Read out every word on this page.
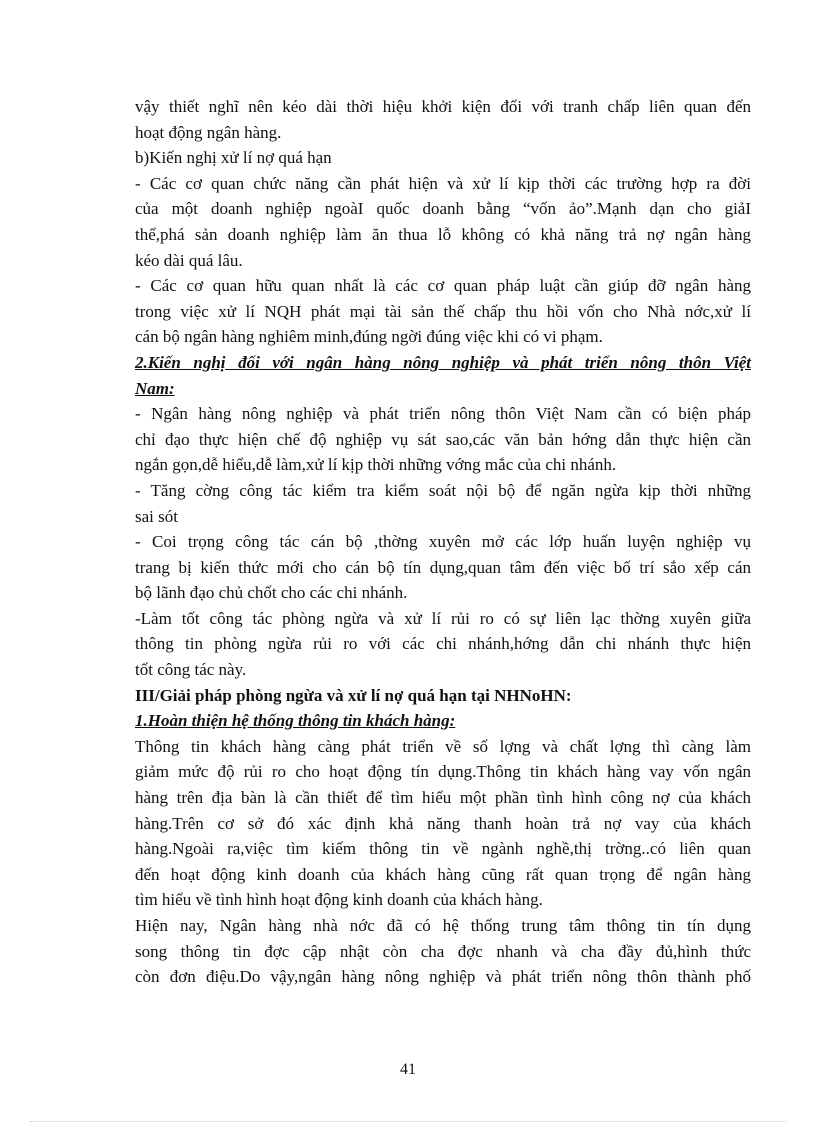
vậy thiết nghĩ nên kéo dài thời hiệu khởi kiện đối với tranh chấp liên quan đến
hoạt động ngân hàng.
b)Kiến nghị xử lí nợ quá hạn
- Các cơ quan chức năng cần phát hiện và xử lí kịp thời các trường hợp ra đời
của một doanh nghiệp ngoàI quốc doanh bằng “vốn ảo”.Mạnh dạn cho giảI
thể,phá sản doanh nghiệp làm ăn thua lỗ không có khả năng trả nợ ngân hàng
kéo dài quá lâu.
- Các cơ quan hữu quan nhất là các cơ quan pháp luật cần giúp đỡ ngân hàng
trong việc xử lí NQH phát mại tài sản thế chấp thu hồi vốn cho Nhà nớc,xử lí
cán bộ ngân hàng nghiêm minh,đúng ngời đúng việc khi có vi phạm.
2.Kiến nghị đối với ngân hàng nông nghiệp và phát triển nông thôn Việt
Nam:
- Ngân hàng nông nghiệp và phát triển nông thôn Việt Nam cần có biện pháp
chỉ đạo thực hiện chế độ nghiệp vụ sát sao,các văn bản hớng dẫn thực hiện cần
ngắn gọn,dễ hiểu,dễ làm,xử lí kịp thời những vớng mắc của chi nhánh.
- Tăng cờng công tác kiểm tra kiểm soát nội bộ để ngăn ngừa kịp thời những
sai sót
- Coi trọng công tác cán bộ ,thờng xuyên mở các lớp huấn luyện nghiệp vụ
trang bị kiến thức mới cho cán bộ tín dụng,quan tâm đến việc bố trí sắo xếp cán
bộ lãnh đạo chủ chốt cho các chi nhánh.
-Làm tốt công tác phòng ngừa và xử lí rủi ro có sự liên lạc thờng xuyên giữa
thông tin phòng ngừa rủi ro với các chi nhánh,hớng dẫn chi nhánh thực hiện
tốt công tác này.
III/Giải pháp phòng ngừa và xử lí nợ quá hạn tại NHNoHN:
1.Hoàn thiện hệ thống thông tin khách hàng:
Thông tin khách hàng càng phát triển về số lợng và chất lợng thì càng làm
giảm mức độ rủi ro cho hoạt động tín dụng.Thông tin khách hàng vay vốn ngân
hàng trên địa bàn là cần thiết để tìm hiểu một phần tình hình công nợ của khách
hàng.Trên cơ sở đó xác định khả năng thanh hoàn trả nợ vay của khách
hàng.Ngoài ra,việc tìm kiếm thông tin về ngành nghề,thị trờng..có liên quan
đến hoạt động kinh doanh của khách hàng cũng rất quan trọng để ngân hàng
tìm hiểu về tình hình hoạt động kinh doanh của khách hàng.
Hiện nay, Ngân hàng nhà nớc đã có hệ thống trung tâm thông tin tín dụng
song thông tin đợc cập nhật còn cha đợc nhanh và cha đầy đủ,hình thức
còn đơn điệu.Do vậy,ngân hàng nông nghiệp và phát triển nông thôn thành phố
41
